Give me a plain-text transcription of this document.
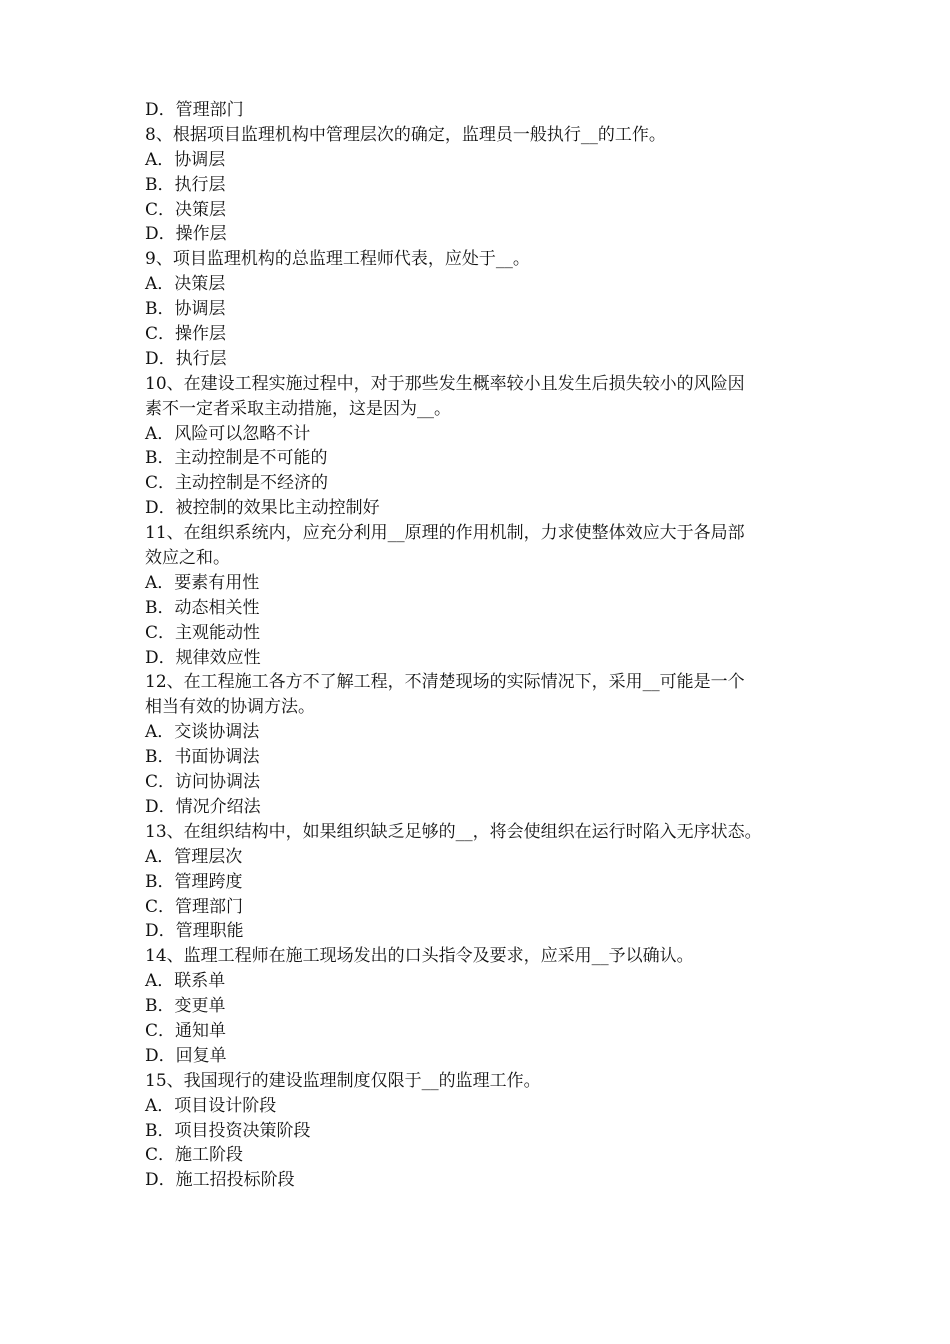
D．管理部门
8、根据项目监理机构中管理层次的确定，监理员一般执行__的工作。
A．协调层
B．执行层
C．决策层
D．操作层
9、项目监理机构的总监理工程师代表，应处于__。
A．决策层
B．协调层
C．操作层
D．执行层
10、在建设工程实施过程中，对于那些发生概率较小且发生后损失较小的风险因
素不一定者采取主动措施，这是因为__。
A．风险可以忽略不计
B．主动控制是不可能的
C．主动控制是不经济的
D．被控制的效果比主动控制好
11、在组织系统内，应充分利用__原理的作用机制，力求使整体效应大于各局部
效应之和。
A．要素有用性
B．动态相关性
C．主观能动性
D．规律效应性
12、在工程施工各方不了解工程，不清楚现场的实际情况下，采用__可能是一个
相当有效的协调方法。
A．交谈协调法
B．书面协调法
C．访问协调法
D．情况介绍法
13、在组织结构中，如果组织缺乏足够的__，将会使组织在运行时陷入无序状态。
A．管理层次
B．管理跨度
C．管理部门
D．管理职能
14、监理工程师在施工现场发出的口头指令及要求，应采用__予以确认。
A．联系单
B．变更单
C．通知单
D．回复单
15、我国现行的建设监理制度仅限于__的监理工作。
A．项目设计阶段
B．项目投资决策阶段
C．施工阶段
D．施工招投标阶段
